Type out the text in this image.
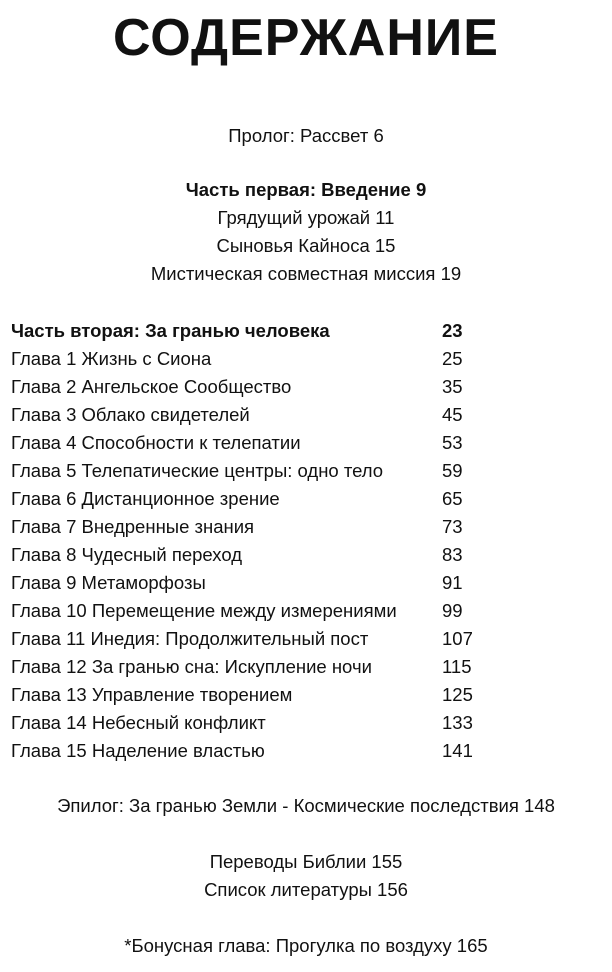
СОДЕРЖАНИЕ
Пролог: Рассвет 6
Часть первая: Введение 9
Грядущий урожай 11
Сыновья Кайноса 15
Мистическая совместная миссия 19
Часть вторая: За гранью человека	23
Глава 1 Жизнь с Сиона	25
Глава 2 Ангельское Сообщество	35
Глава 3 Облако свидетелей	45
Глава 4 Способности к телепатии	53
Глава 5 Телепатические центры: одно тело	59
Глава 6 Дистанционное зрение	65
Глава 7 Внедренные знания	73
Глава 8 Чудесный переход	83
Глава 9 Метаморфозы	91
Глава 10 Перемещение между измерениями 99
Глава 11 Инедия: Продолжительный пост	107
Глава 12 За гранью сна: Искупление ночи	115
Глава 13 Управление творением	125
Глава 14 Небесный конфликт	133
Глава 15 Наделение властью	141
Эпилог: За гранью Земли - Космические последствия 148
Переводы Библии 155
Список литературы 156
*Бонусная глава: Прогулка по воздуху 165
